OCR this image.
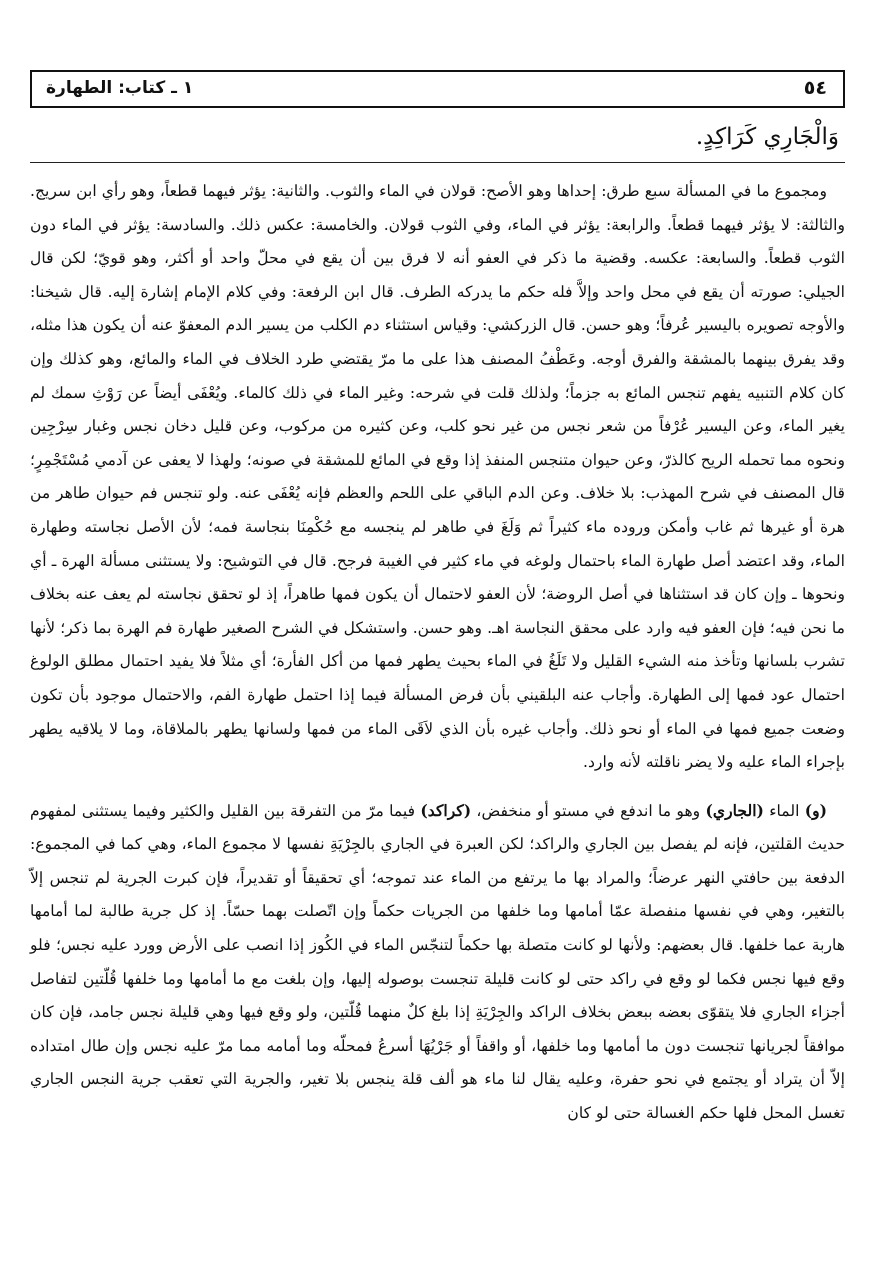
٥٤
١ ـ كتاب: الطهارة
وَالْجَارِي كَرَاكِدٍ.

ومجموع ما في المسألة سبع طرق: إحداها وهو الأصح: قولان في الماء والثوب. والثانية: يؤثر فيهما قطعاً، وهو رأي ابن سريج. والثالثة: لا يؤثر فيهما قطعاً. والرابعة: يؤثر في الماء، وفي الثوب قولان. والخامسة: عكس ذلك. والسادسة: يؤثر في الماء دون الثوب قطعاً. والسابعة: عكسه. وقضية ما ذكر في العفو أنه لا فرق بين أن يقع في محلّ واحد أو أكثر، وهو قويّ؛ لكن قال الجيلي: صورته أن يقع في محل واحد وإلاَّ فله حكم ما يدركه الطرف. قال ابن الرفعة: وفي كلام الإمام إشارة إليه. قال شيخنا: والأوجه تصويره باليسير عُرفاً؛ وهو حسن. قال الزركشي: وقياس استثناء دم الكلب من يسير الدم المعفوّ عنه أن يكون هذا مثله، وقد يفرق بينهما بالمشقة والفرق أوجه. وعَطْفُ المصنف هذا على ما مرّ يقتضي طرد الخلاف في الماء والمائع، وهو كذلك وإن كان كلام التنبيه يفهم تنجس المائع به جزماً؛ ولذلك قلت في شرحه: وغير الماء في ذلك كالماء. ويُعْفَى أيضاً عن رَوْثِ سمك لم يغير الماء، وعن اليسير عُرْفاً من شعر نجس من غير نحو كلب، وعن كثيره من مركوب، وعن قليل دخان نجس وغبار سِرْجِين ونحوه مما تحمله الريح كالذرّ، وعن حيوان متنجس المنفذ إذا وقع في المائع للمشقة في صونه؛ ولهذا لا يعفى عن آدمي مُسْتَجْمِرٍ؛ قال المصنف في شرح المهذب: بلا خلاف. وعن الدم الباقي على اللحم والعظم فإنه يُعْفَى عنه. ولو تنجس فم حيوان طاهر من هرة أو غيرها ثم غاب وأمكن وروده ماء كثيراً ثم وَلَغَ في طاهر لم ينجسه مع حُكْمِنَا بنجاسة فمه؛ لأن الأصل نجاسته وطهارة الماء، وقد اعتضد أصل طهارة الماء باحتمال ولوغه في ماء كثير في الغيبة فرجح. قال في التوشيح: ولا يستثنى مسألة الهرة ـ أي ونحوها ـ وإن كان قد استثناها في أصل الروضة؛ لأن العفو لاحتمال أن يكون فمها طاهراً، إذ لو تحقق نجاسته لم يعف عنه بخلاف ما نحن فيه؛ فإن العفو فيه وارد على محقق النجاسة اهـ. وهو حسن. واستشكل في الشرح الصغير طهارة فم الهرة بما ذكر؛ لأنها تشرب بلسانها وتأخذ منه الشيء القليل ولا تَلَغُ في الماء بحيث يطهر فمها من أكل الفأرة؛ أي مثلاً فلا يفيد احتمال مطلق الولوغ احتمال عود فمها إلى الطهارة. وأجاب عنه البلقيني بأن فرض المسألة فيما إذا احتمل طهارة الفم، والاحتمال موجود بأن تكون وضعت جميع فمها في الماء أو نحو ذلك. وأجاب غيره بأن الذي لاَقَى الماء من فمها ولسانها يطهر بالملاقاة، وما لا يلاقيه يطهر بإجراء الماء عليه ولا يضر ناقلته لأنه وارد.

(و) الماء (الجاري) وهو ما اندفع في مستو أو منخفض، (كراكد) فيما مرّ من التفرقة بين القليل والكثير وفيما يستثنى لمفهوم حديث القلتين، فإنه لم يفصل بين الجاري والراكد؛ لكن العبرة في الجاري بالجِرْيَةِ نفسها لا مجموع الماء، وهي كما في المجموع: الدفعة بين حافتي النهر عرضاً؛ والمراد بها ما يرتفع من الماء عند تموجه؛ أي تحقيقاً أو تقديراً، فإن كبرت الجرية لم تنجس إلاّ بالتغير، وهي في نفسها منفصلة عمّا أمامها وما خلفها من الجريات حكماً وإن اتّصلت بهما حسّاً. إذ كل جرية طالبة لما أمامها هاربة عما خلفها. قال بعضهم: ولأنها لو كانت متصلة بها حكماً لتنجّس الماء في الكُوز إذا انصب على الأرض وورد عليه نجس؛ فلو وقع فيها نجس فكما لو وقع في راكد حتى لو كانت قليلة تنجست بوصوله إليها، وإن بلغت مع ما أمامها وما خلفها قُلّتين لتفاصل أجزاء الجاري فلا يتقوّى بعضه ببعض بخلاف الراكد والجِرْيَةِ إذا بلغ كلٌ منهما قُلّتين، ولو وقع فيها وهي قليلة نجس جامد، فإن كان موافقاً لجريانها تنجست دون ما أمامها وما خلفها، أو واقفاً أو جَرْيُهَا أسرعُ فمحلّه وما أمامه مما مرّ عليه نجس وإن طال امتداده إلاّ أن يتراد أو يجتمع في نحو حفرة، وعليه يقال لنا ماء هو ألف قلة ينجس بلا تغير، والجرية التي تعقب جرية النجس الجاري تغسل المحل فلها حكم الغسالة حتى لو كان
